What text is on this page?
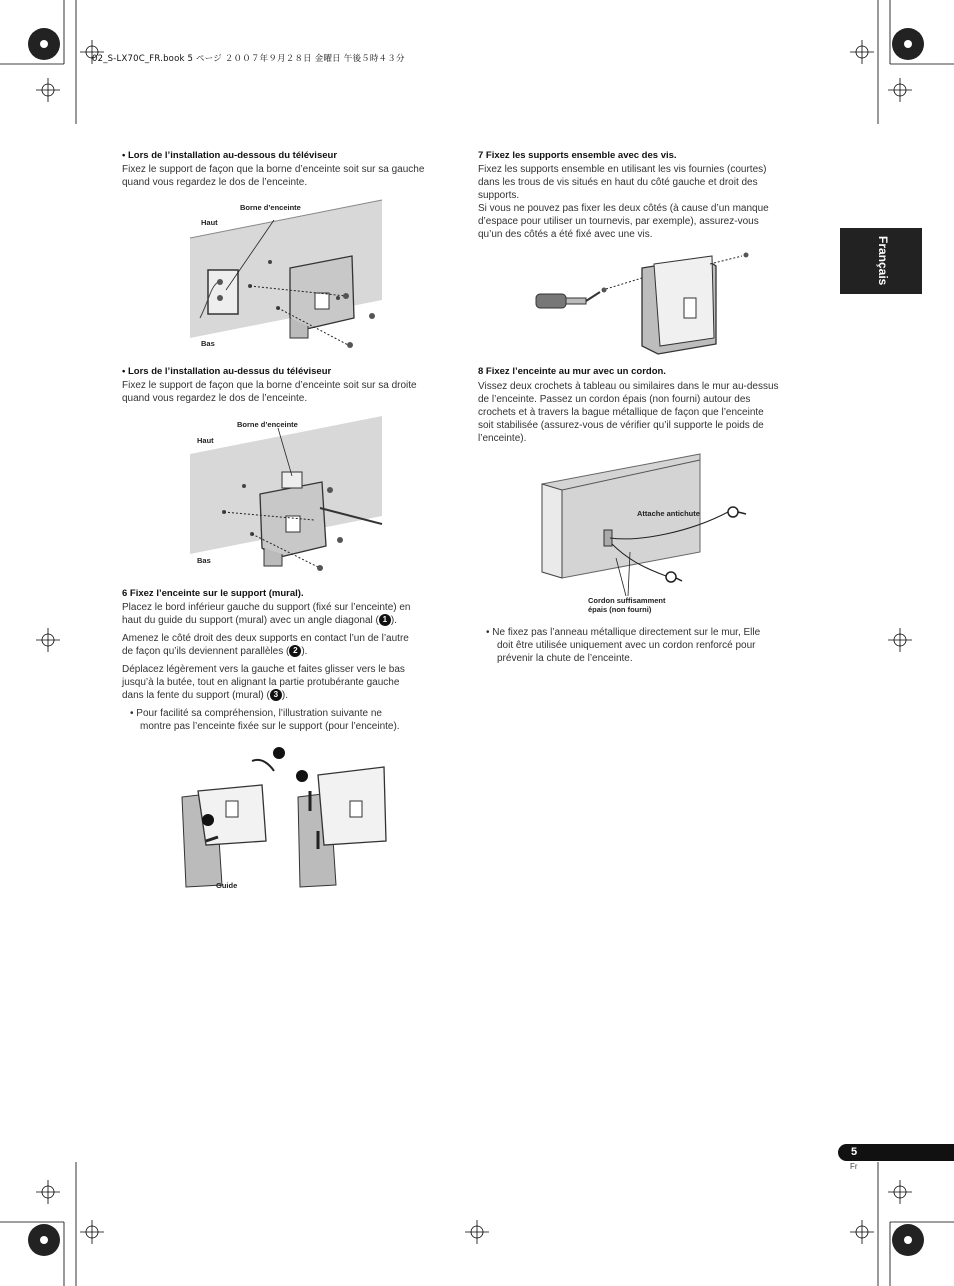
02_S-LX70C_FR.book 5 ページ ２００７年９月２８日 金曜日 午後５時４３分
Français
• Lors de l’installation au-dessous du téléviseur
Fixez le support de façon que la borne d’enceinte soit sur sa gauche
quand vous regardez le dos de l’enceinte.
Borne d’enceinte
Haut
Bas
• Lors de l’installation au-dessus du téléviseur
Fixez le support de façon que la borne d’enceinte soit sur sa droite
quand vous regardez le dos de l’enceinte.
Borne d’enceinte
Haut
Bas
6 Fixez l’enceinte sur le support (mural).
Placez le bord inférieur gauche du support (fixé sur l’enceinte) en
haut du guide du support (mural) avec un angle diagonal ( 1 ).
Amenez le côté droit des deux supports en contact l’un de l’autre
de façon qu’ils deviennent parallèles ( 2 ).
Déplacez légèrement vers la gauche et faites glisser vers le bas
jusqu’à la butée, tout en alignant la partie protubérante gauche
dans la fente du support (mural) ( 3 ).
• Pour facilité sa compréhension, l’illustration suivante ne
montre pas l’enceinte fixée sur le support (pour l’enceinte).
Guide
7 Fixez les supports ensemble avec des vis.
Fixez les supports ensemble en utilisant les vis fournies (courtes)
dans les trous de vis situés en haut du côté gauche et droit des
supports.
Si vous ne pouvez pas fixer les deux côtés (à cause d’un manque
d’espace pour utiliser un tournevis, par exemple), assurez-vous
qu’un des côtés a été fixé avec une vis.
8 Fixez l’enceinte au mur avec un cordon.
Vissez deux crochets à tableau ou similaires dans le mur au-dessus
de l’enceinte. Passez un cordon épais (non fourni) autour des
crochets et à travers la bague métallique de façon que l’enceinte
soit stabilisée (assurez-vous de vérifier qu’il supporte le poids de
l’enceinte).
Attache antichute
Cordon suffisamment
épais (non fourni)
• Ne fixez pas l’anneau métallique directement sur le mur, Elle
doit être utilisée uniquement avec un cordon renforcé pour
prévenir la chute de l’enceinte.
5
Fr
